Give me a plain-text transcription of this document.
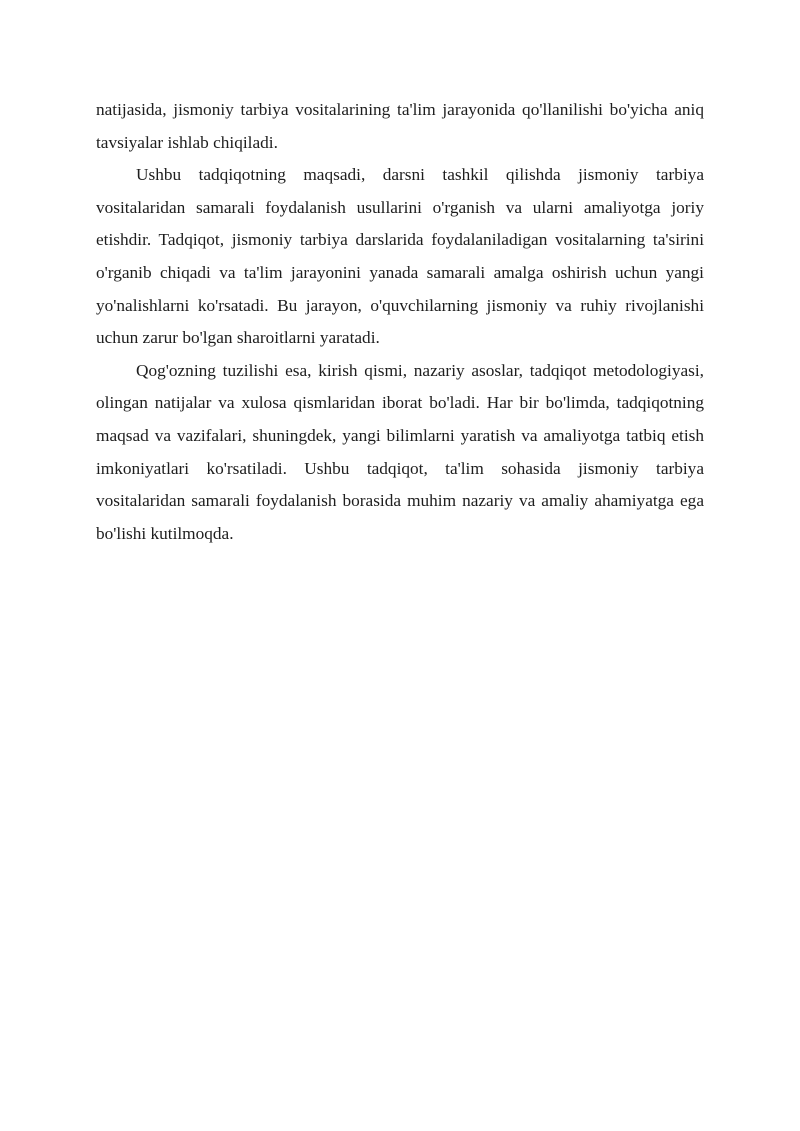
natijasida, jismoniy tarbiya vositalarining ta'lim jarayonida qo'llanilishi bo'yicha aniq tavsiyalar ishlab chiqiladi.

Ushbu tadqiqotning maqsadi, darsni tashkil qilishda jismoniy tarbiya vositalaridan samarali foydalanish usullarini o'rganish va ularni amaliyotga joriy etishdir. Tadqiqot, jismoniy tarbiya darslarida foydalaniladigan vositalarning ta'sirini o'rganib chiqadi va ta'lim jarayonini yanada samarali amalga oshirish uchun yangi yo'nalishlarni ko'rsatadi. Bu jarayon, o'quvchilarning jismoniy va ruhiy rivojlanishi uchun zarur bo'lgan sharoitlarni yaratadi.

Qog'ozning tuzilishi esa, kirish qismi, nazariy asoslar, tadqiqot metodologiyasi, olingan natijalar va xulosa qismlaridan iborat bo'ladi. Har bir bo'limda, tadqiqotning maqsad va vazifalari, shuningdek, yangi bilimlarni yaratish va amaliyotga tatbiq etish imkoniyatlari ko'rsatiladi. Ushbu tadqiqot, ta'lim sohasida jismoniy tarbiya vositalaridan samarali foydalanish borasida muhim nazariy va amaliy ahamiyatga ega bo'lishi kutilmoqda.
